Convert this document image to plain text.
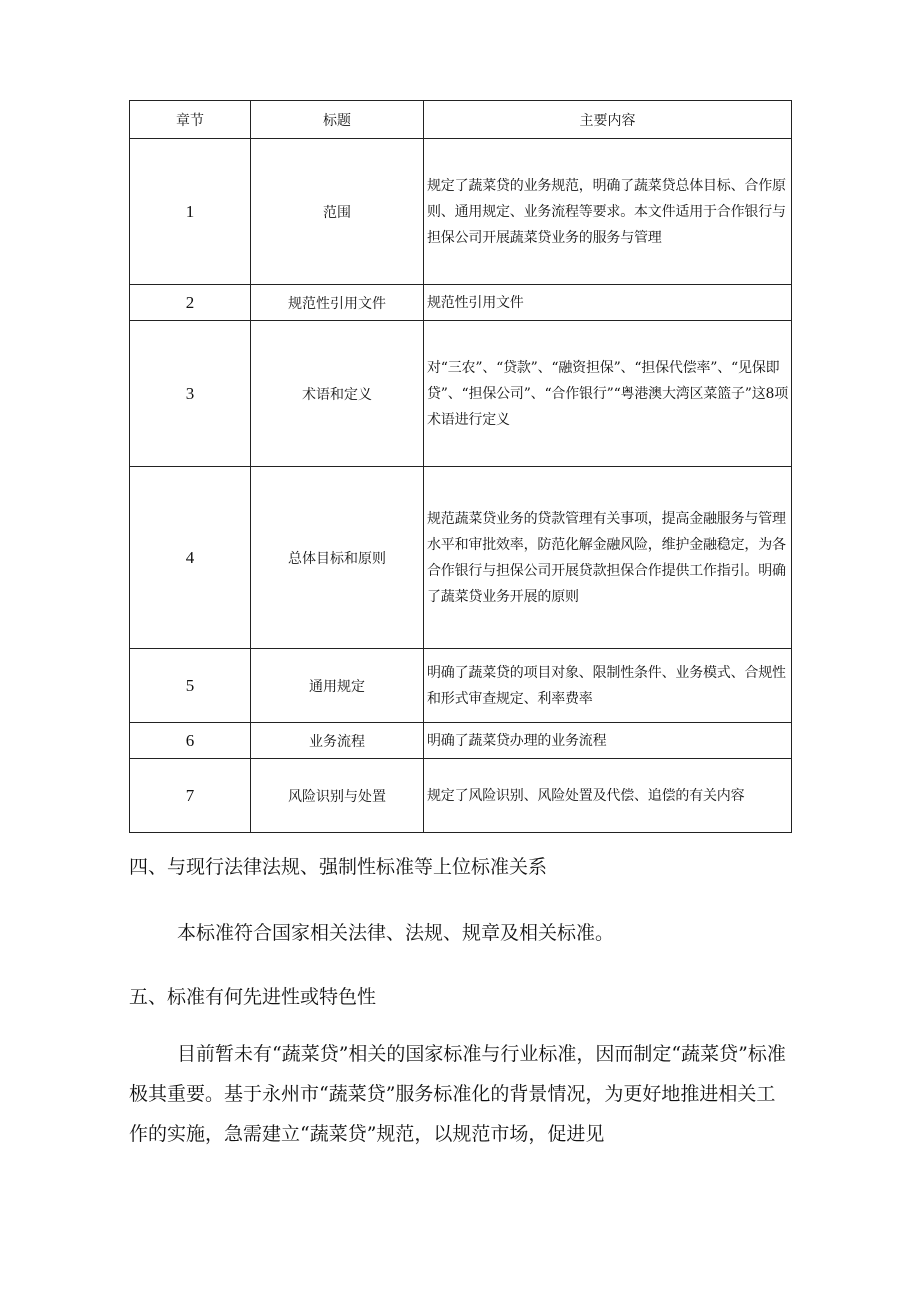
章节	标题	主要内容
1	范围	规定了蔬菜贷的业务规范，明确了蔬菜贷总体目标、合作原则、通用规定、业务流程等要求。本文件适用于合作银行与担保公司开展蔬菜贷业务的服务与管理
2	规范性引用文件	规范性引用文件
3	术语和定义	对“三农”、“贷款”、“融资担保”、“担保代偿率”、“见保即贷”、“担保公司”、“合作银行”“粤港澳大湾区菜篮子”这8项术语进行定义
4	总体目标和原则	规范蔬菜贷业务的贷款管理有关事项，提高金融服务与管理水平和审批效率，防范化解金融风险，维护金融稳定，为各合作银行与担保公司开展贷款担保合作提供工作指引。明确了蔬菜贷业务开展的原则
5	通用规定	明确了蔬菜贷的项目对象、限制性条件、业务模式、合规性和形式审查规定、利率费率
6	业务流程	明确了蔬菜贷办理的业务流程
7	风险识别与处置	规定了风险识别、风险处置及代偿、追偿的有关内容
四、与现行法律法规、强制性标准等上位标准关系
本标准符合国家相关法律、法规、规章及相关标准。
五、标准有何先进性或特色性
目前暂未有“蔬菜贷”相关的国家标准与行业标准，因而制定“蔬菜贷”标准极其重要。基于永州市“蔬菜贷”服务标准化的背景情况，为更好地推进相关工作的实施，急需建立“蔬菜贷”规范，以规范市场，促进见
